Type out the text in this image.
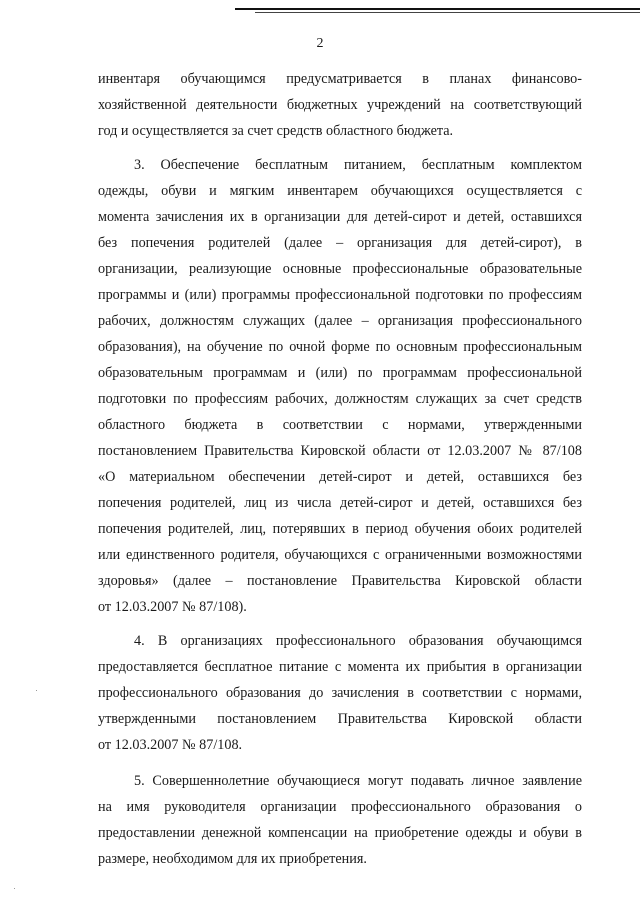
2
инвентаря обучающимся предусматривается в планах финансово-
хозяйственной деятельности бюджетных учреждений на соответствующий
год и осуществляется за счет средств областного бюджета.
3. Обеспечение бесплатным питанием, бесплатным комплектом
одежды, обуви и мягким инвентарем обучающихся осуществляется с
момента зачисления их в организации для детей-сирот и детей, оставшихся
без попечения родителей (далее – организация для детей-сирот), в
организации, реализующие основные профессиональные образовательные
программы и (или) программы профессиональной подготовки по профессиям
рабочих, должностям служащих (далее – организация профессионального
образования), на обучение по очной форме по основным профессиональным
образовательным программам и (или) по программам профессиональной
подготовки по профессиям рабочих, должностям служащих за счет средств
областного бюджета в соответствии с нормами, утвержденными
постановлением Правительства Кировской области от 12.03.2007 № 87/108
«О материальном обеспечении детей-сирот и детей, оставшихся без
попечения родителей, лиц из числа детей-сирот и детей, оставшихся без
попечения родителей, лиц, потерявших в период обучения обоих родителей
или единственного родителя, обучающихся с ограниченными возможностями
здоровья» (далее – постановление Правительства Кировской области
от 12.03.2007 № 87/108).
4. В организациях профессионального образования обучающимся
предоставляется бесплатное питание с момента их прибытия в организации
профессионального образования до зачисления в соответствии с нормами,
утвержденными постановлением Правительства Кировской области
от 12.03.2007 № 87/108.
5. Совершеннолетние обучающиеся могут подавать личное заявление
на имя руководителя организации профессионального образования о
предоставлении денежной компенсации на приобретение одежды и обуви в
размере, необходимом для их приобретения.
